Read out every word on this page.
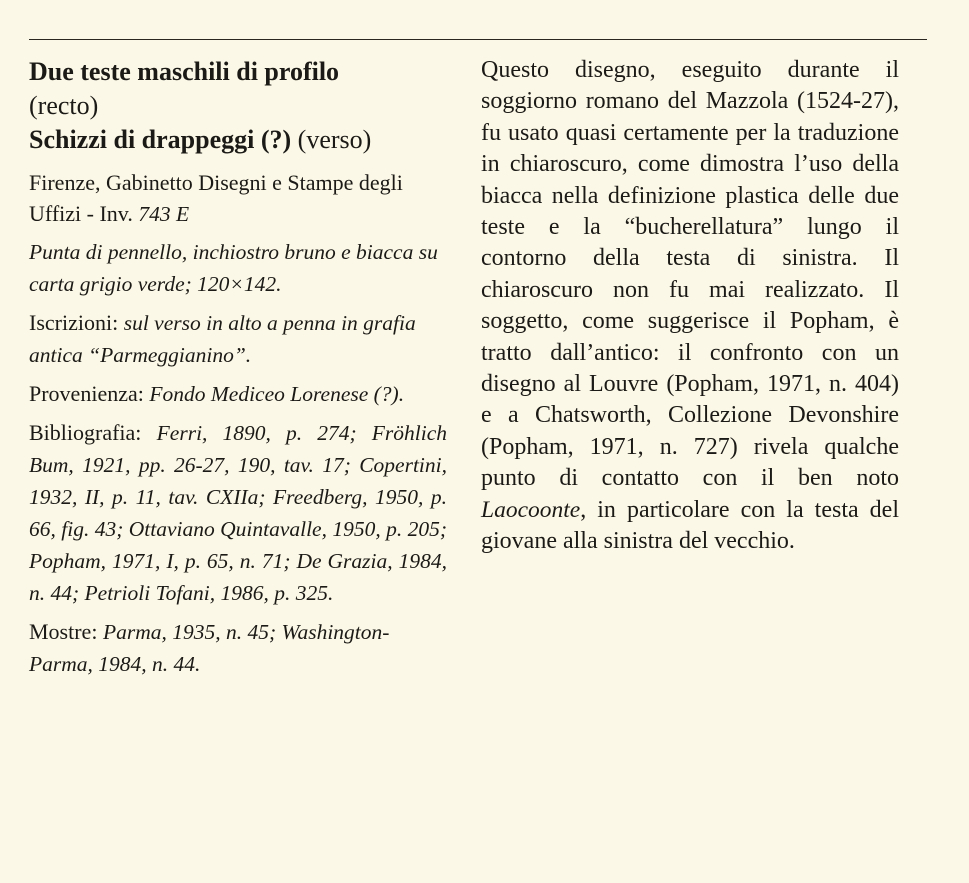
Due teste maschili di profilo
(recto)
Schizzi di drappeggi (?) (verso)

Firenze, Gabinetto Disegni e Stampe degli Uffizi - Inv. 743 E

Punta di pennello, inchiostro bruno e biacca su carta grigio verde; 120×142.

Iscrizioni: sul verso in alto a penna in grafia antica “Parmeggianino”.

Provenienza: Fondo Mediceo Lorenese (?).

Bibliografia: Ferri, 1890, p. 274; Fröhlich Bum, 1921, pp. 26-27, 190, tav. 17; Copertini, 1932, II, p. 11, tav. CXIIa; Freedberg, 1950, p. 66, fig. 43; Ottaviano Quintavalle, 1950, p. 205; Popham, 1971, I, p. 65, n. 71; De Grazia, 1984, n. 44; Petrioli Tofani, 1986, p. 325.

Mostre: Parma, 1935, n. 45; Washington-Parma, 1984, n. 44.

Questo disegno, eseguito durante il soggiorno romano del Mazzola (1524-27), fu usato quasi certamente per la traduzione in chiaroscuro, come dimostra l’uso della biacca nella definizione plastica delle due teste e la “bucherellatura” lungo il contorno della testa di sinistra. Il chiaroscuro non fu mai realizzato. Il soggetto, come suggerisce il Popham, è tratto dall’antico: il confronto con un disegno al Louvre (Popham, 1971, n. 404) e a Chatsworth, Collezione Devonshire (Popham, 1971, n. 727) rivela qualche punto di contatto con il ben noto Laocoonte, in particolare con la testa del giovane alla sinistra del vecchio.
